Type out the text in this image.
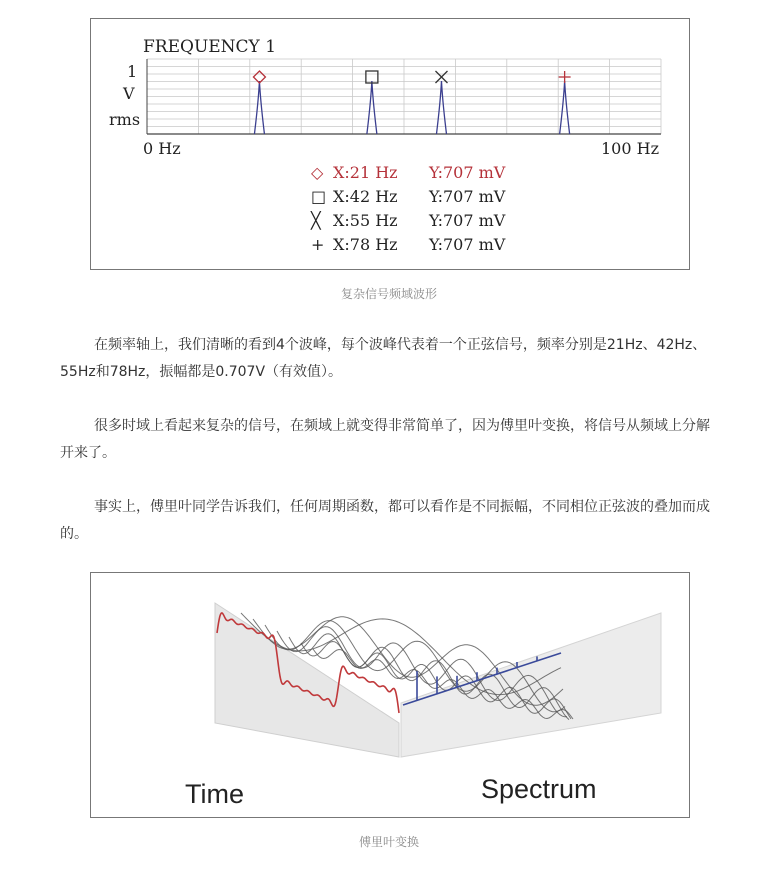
FREQUENCY 1
1
V
rms
0 Hz	100 Hz
◇ X:21 Hz Y:707 mV
□ X:42 Hz Y:707 mV
╳ X:55 Hz Y:707 mV
+ X:78 Hz Y:707 mV
复杂信号频域波形
在频率轴上，我们清晰的看到4个波峰，每个波峰代表着一个正弦信号，频率分别是21Hz、42Hz、55Hz和78Hz，振幅都是0.707V（有效值）。
很多时域上看起来复杂的信号，在频域上就变得非常简单了，因为傅里叶变换，将信号从频域上分解开来了。
事实上，傅里叶同学告诉我们，任何周期函数，都可以看作是不同振幅，不同相位正弦波的叠加而成的。
Time	Spectrum
傅里叶变换
